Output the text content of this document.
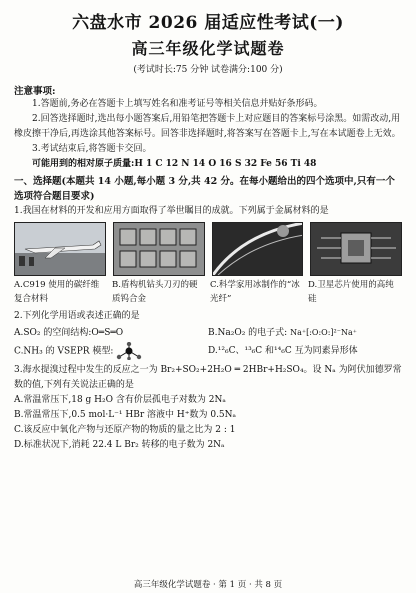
六盘水市 2026 届适应性考试(一)
高三年级化学试题卷
(考试时长:75 分钟 试卷满分:100 分)
注意事项:

1.答题前,务必在答题卡上填写姓名和准考证号等相关信息并贴好条形码。

2.回答选择题时,选出每小题答案后,用铅笔把答题卡上对应题目的答案标号涂黑。如需改动,用橡皮擦干净后,再选涂其他答案标号。回答非选择题时,将答案写在答题卡上,写在本试题卷上无效。

3.考试结束后,将答题卡交回。

可能用到的相对原子质量:H 1 C 12 N 14 O 16 S 32 Fe 56 Ti 48

一、选择题(本题共 14 小题,每小题 3 分,共 42 分。在每小题给出的四个选项中,只有一个选项符合题目要求)

1.我国在材料的开发和应用方面取得了举世瞩目的成就。下列属于金属材料的是

A.C919 使用的碳纤维复合材料
B.盾构机钻头刀刃的硬质钨合金
C.科学家用冰制作的“冰光纤”
D.卫星芯片使用的高纯硅

2.下列化学用语或表述正确的是

A.SO₂ 的空间结构:O═S═O	B.Na₂O₂ 的电子式: Na⁺[:O:O:]²⁻Na⁺
C.NH₃ 的 VSEPR 模型:	D.¹²₆C、¹³₆C 和¹⁴₆C 互为同素异形体

3.海水提溴过程中发生的反应之一为 Br₂+SO₂+2H₂O ═ 2HBr+H₂SO₄。设 Nₐ 为阿伏加德罗常数的值,下列有关说法正确的是

A.常温常压下,18 g H₂O 含有价层孤电子对数为 2Nₐ

B.常温常压下,0.5 mol·L⁻¹ HBr 溶液中 H⁺数为 0.5Nₐ

C.该反应中氧化产物与还原产物的物质的量之比为 2 : 1

D.标准状况下,消耗 22.4 L Br₂ 转移的电子数为 2Nₐ

高三年级化学试题卷 · 第 1 页 · 共 8 页
